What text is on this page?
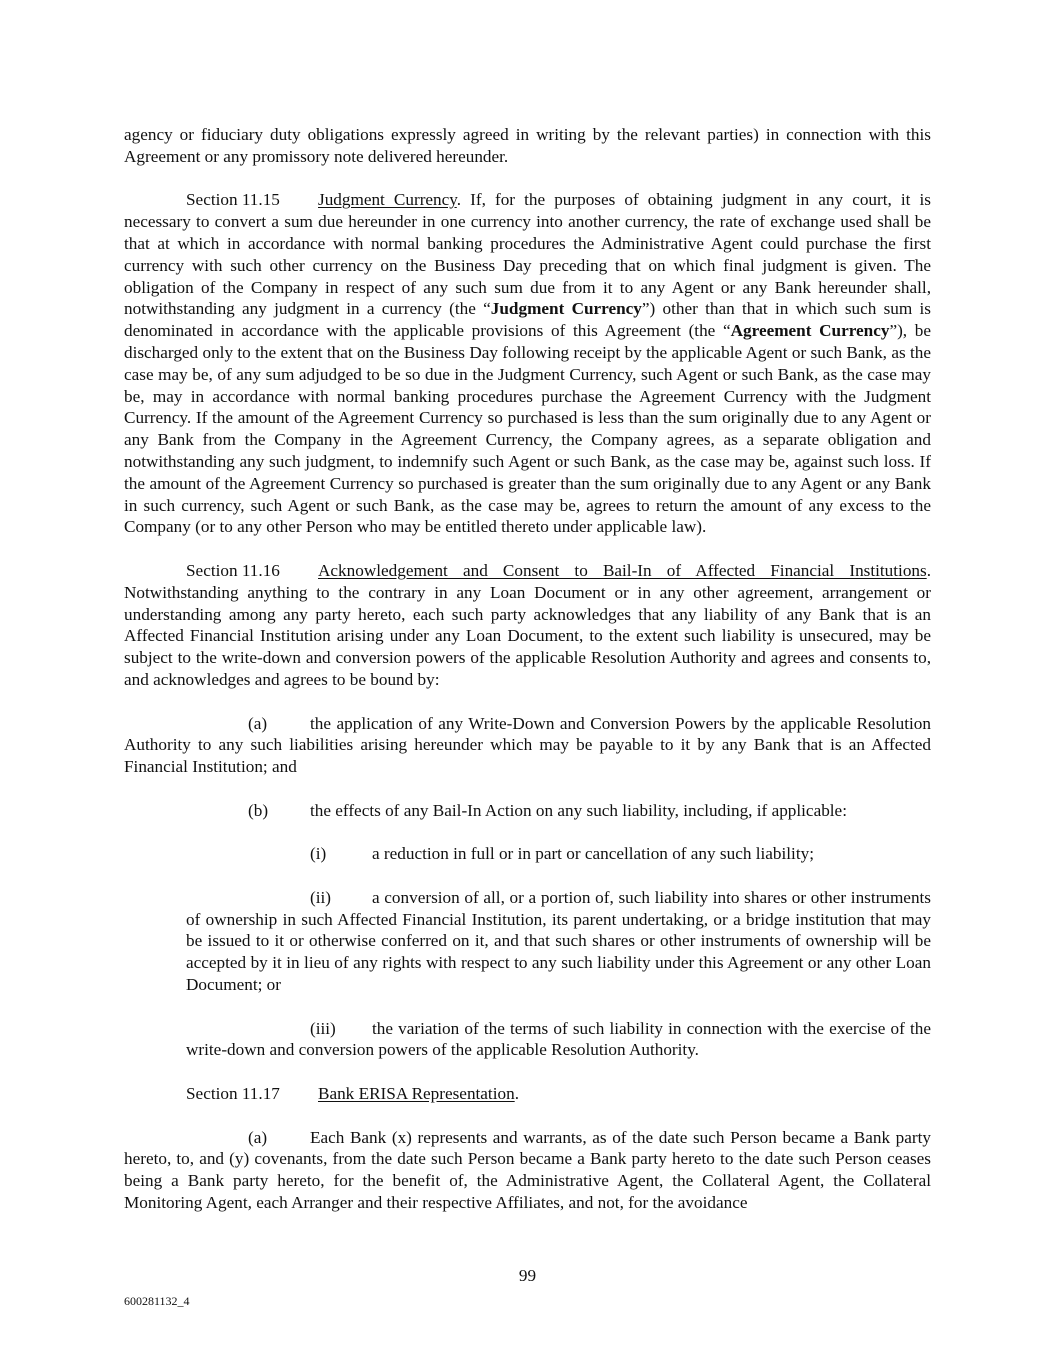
agency or fiduciary duty obligations expressly agreed in writing by the relevant parties) in connection with this Agreement or any promissory note delivered hereunder.

Section 11.15 Judgment Currency. If, for the purposes of obtaining judgment in any court, it is necessary to convert a sum due hereunder in one currency into another currency, the rate of exchange used shall be that at which in accordance with normal banking procedures the Administrative Agent could purchase the first currency with such other currency on the Business Day preceding that on which final judgment is given. The obligation of the Company in respect of any such sum due from it to any Agent or any Bank hereunder shall, notwithstanding any judgment in a currency (the “Judgment Currency”) other than that in which such sum is denominated in accordance with the applicable provisions of this Agreement (the “Agreement Currency”), be discharged only to the extent that on the Business Day following receipt by the applicable Agent or such Bank, as the case may be, of any sum adjudged to be so due in the Judgment Currency, such Agent or such Bank, as the case may be, may in accordance with normal banking procedures purchase the Agreement Currency with the Judgment Currency. If the amount of the Agreement Currency so purchased is less than the sum originally due to any Agent or any Bank from the Company in the Agreement Currency, the Company agrees, as a separate obligation and notwithstanding any such judgment, to indemnify such Agent or such Bank, as the case may be, against such loss. If the amount of the Agreement Currency so purchased is greater than the sum originally due to any Agent or any Bank in such currency, such Agent or such Bank, as the case may be, agrees to return the amount of any excess to the Company (or to any other Person who may be entitled thereto under applicable law).

Section 11.16 Acknowledgement and Consent to Bail-In of Affected Financial Institutions. Notwithstanding anything to the contrary in any Loan Document or in any other agreement, arrangement or understanding among any party hereto, each such party acknowledges that any liability of any Bank that is an Affected Financial Institution arising under any Loan Document, to the extent such liability is unsecured, may be subject to the write-down and conversion powers of the applicable Resolution Authority and agrees and consents to, and acknowledges and agrees to be bound by:

(a) the application of any Write-Down and Conversion Powers by the applicable Resolution Authority to any such liabilities arising hereunder which may be payable to it by any Bank that is an Affected Financial Institution; and

(b) the effects of any Bail-In Action on any such liability, including, if applicable:

(i)	a reduction in full or in part or cancellation of any such liability;

(ii) a conversion of all, or a portion of, such liability into shares or other instruments of ownership in such Affected Financial Institution, its parent undertaking, or a bridge institution that may be issued to it or otherwise conferred on it, and that such shares or other instruments of ownership will be accepted by it in lieu of any rights with respect to any such liability under this Agreement or any other Loan Document; or

(iii) the variation of the terms of such liability in connection with the exercise of the write-down and conversion powers of the applicable Resolution Authority.

Section 11.17 Bank ERISA Representation.

(a) Each Bank (x) represents and warrants, as of the date such Person became a Bank party hereto, to, and (y) covenants, from the date such Person became a Bank party hereto to the date such Person ceases being a Bank party hereto, for the benefit of, the Administrative Agent, the Collateral Agent, the Collateral Monitoring Agent, each Arranger and their respective Affiliates, and not, for the avoidance

99
600281132_4
